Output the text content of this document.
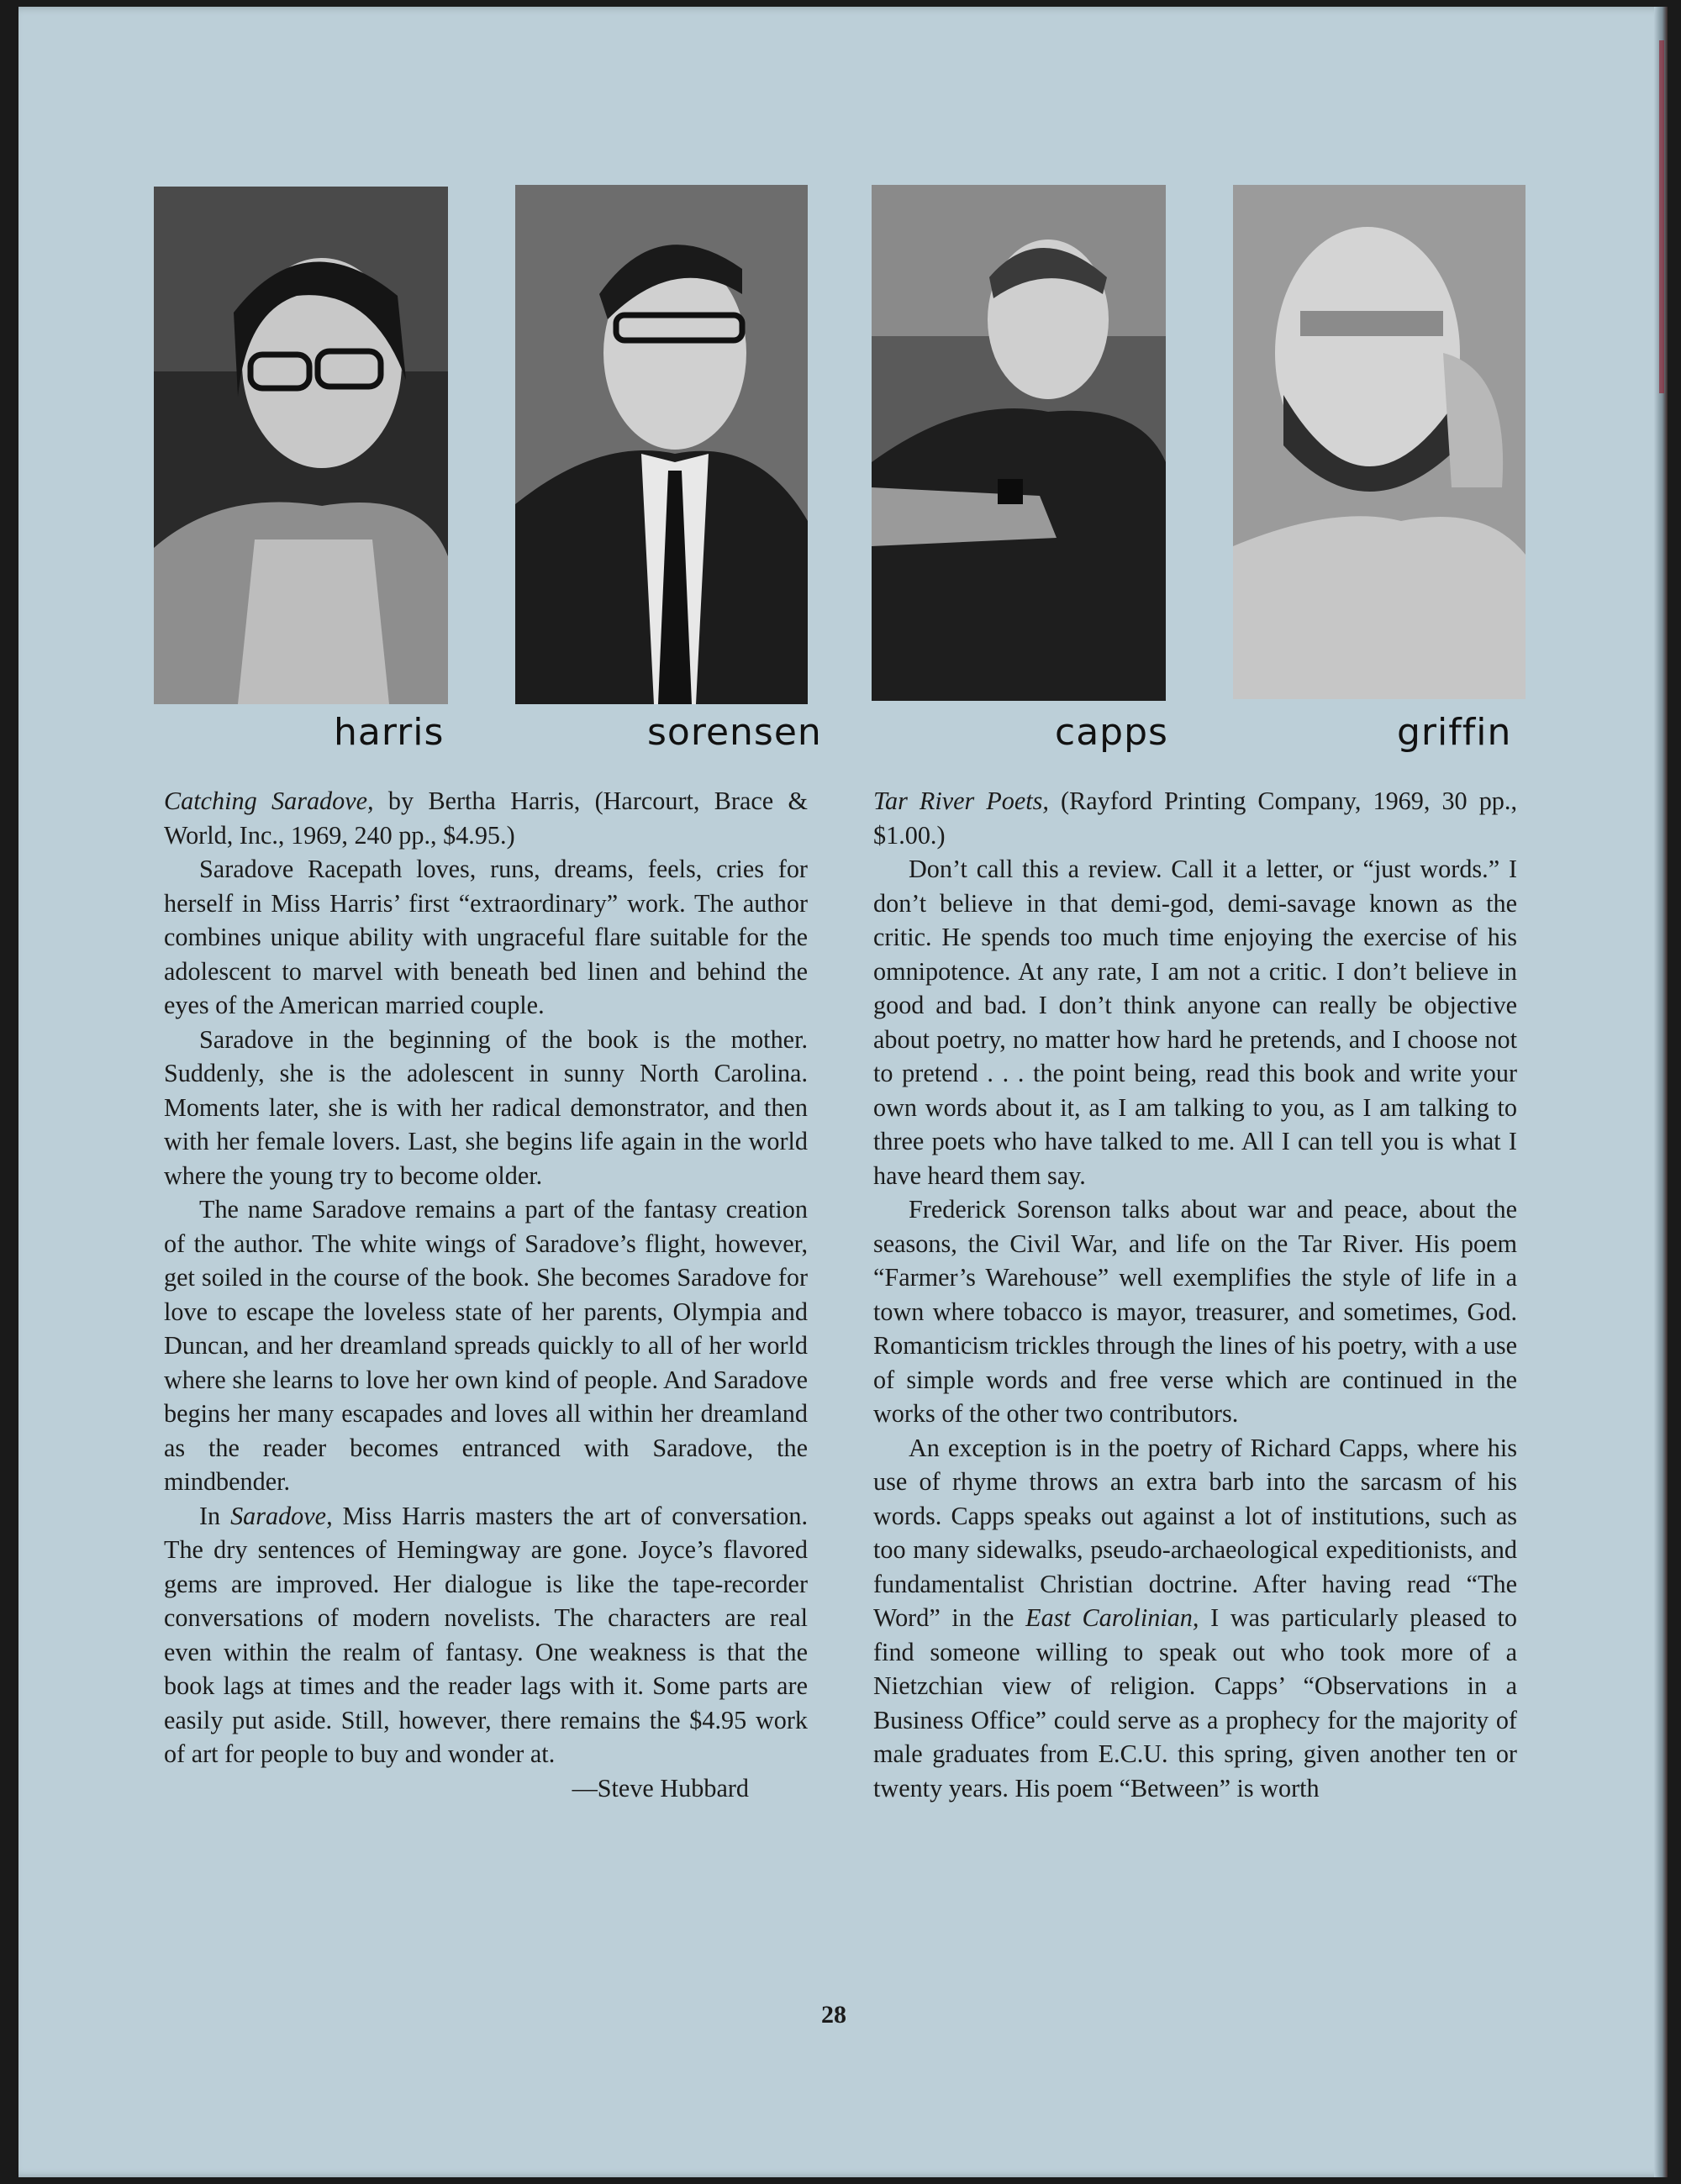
harris	sorensen	capps	griffin

Catching Saradove, by Bertha Harris, (Harcourt, Brace & World, Inc., 1969, 240 pp., $4.95.)

Saradove Racepath loves, runs, dreams, feels, cries for herself in Miss Harris’ first “extraordinary” work. The author combines unique ability with ungraceful flare suitable for the adolescent to marvel with beneath bed linen and behind the eyes of the American married couple.

Saradove in the beginning of the book is the mother. Suddenly, she is the adolescent in sunny North Carolina. Moments later, she is with her radical demonstrator, and then with her female lovers. Last, she begins life again in the world where the young try to become older.

The name Saradove remains a part of the fantasy creation of the author. The white wings of Saradove’s flight, however, get soiled in the course of the book. She becomes Saradove for love to escape the loveless state of her parents, Olympia and Duncan, and her dreamland spreads quickly to all of her world where she learns to love her own kind of people. And Saradove begins her many escapades and loves all within her dreamland as the reader becomes entranced with Saradove, the mindbender.

In Saradove, Miss Harris masters the art of conversation. The dry sentences of Hemingway are gone. Joyce’s flavored gems are improved. Her dialogue is like the tape-recorder conversations of modern novelists. The characters are real even within the realm of fantasy. One weakness is that the book lags at times and the reader lags with it. Some parts are easily put aside. Still, however, there remains the $4.95 work of art for people to buy and wonder at.

—Steve Hubbard

Tar River Poets, (Rayford Printing Company, 1969, 30 pp., $1.00.)

Don’t call this a review. Call it a letter, or “just words.” I don’t believe in that demi-god, demi-savage known as the critic. He spends too much time enjoying the exercise of his omnipotence. At any rate, I am not a critic. I don’t believe in good and bad. I don’t think anyone can really be objective about poetry, no matter how hard he pretends, and I choose not to pretend . . . the point being, read this book and write your own words about it, as I am talking to you, as I am talking to three poets who have talked to me. All I can tell you is what I have heard them say.

Frederick Sorenson talks about war and peace, about the seasons, the Civil War, and life on the Tar River. His poem “Farmer’s Warehouse” well exemplifies the style of life in a town where tobacco is mayor, treasurer, and sometimes, God. Romanticism trickles through the lines of his poetry, with a use of simple words and free verse which are continued in the works of the other two contributors.

An exception is in the poetry of Richard Capps, where his use of rhyme throws an extra barb into the sarcasm of his words. Capps speaks out against a lot of institutions, such as too many sidewalks, pseudo-archaeological expeditionists, and fundamentalist Christian doctrine. After having read “The Word” in the East Carolinian, I was particularly pleased to find someone willing to speak out who took more of a Nietzchian view of religion. Capps’ “Observations in a Business Office” could serve as a prophecy for the majority of male graduates from E.C.U. this spring, given another ten or twenty years. His poem “Between” is worth

28
